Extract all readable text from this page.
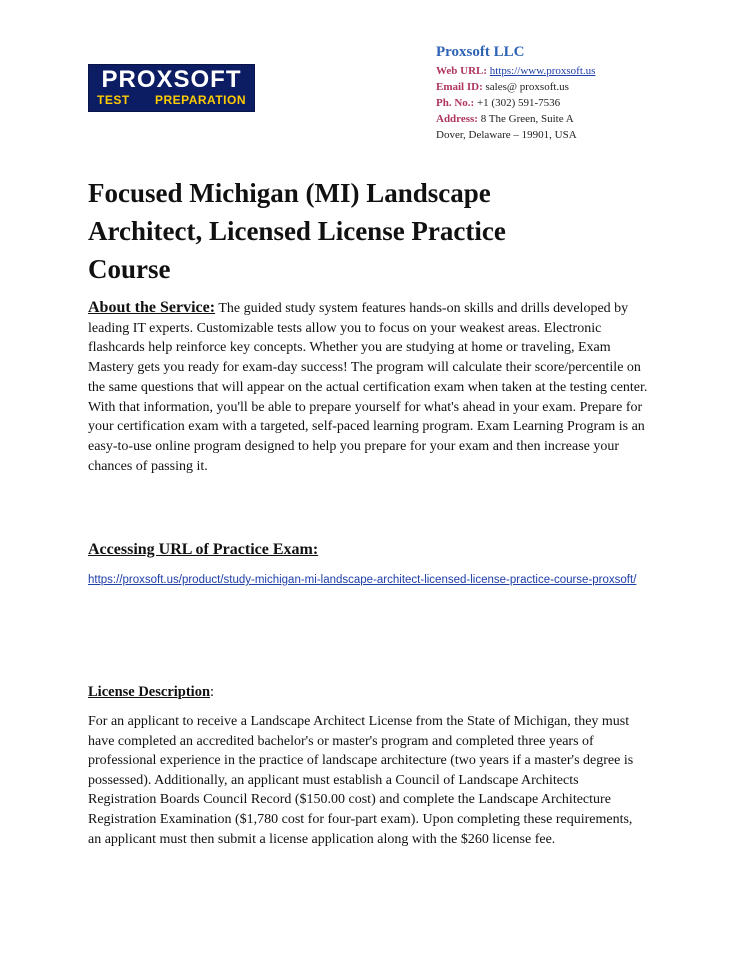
PROXSOFT
TEST PREPARATION
Proxsoft LLC
Web URL: https://www.proxsoft.us
Email ID: sales@ proxsoft.us
Ph. No.: +1 (302) 591-7536
Address: 8 The Green, Suite A
Dover, Delaware – 19901, USA
Focused Michigan (MI) Landscape Architect, Licensed License Practice Course
About the Service: The guided study system features hands-on skills and drills developed by leading IT experts. Customizable tests allow you to focus on your weakest areas. Electronic flashcards help reinforce key concepts. Whether you are studying at home or traveling, Exam Mastery gets you ready for exam-day success! The program will calculate their score/percentile on the same questions that will appear on the actual certification exam when taken at the testing center. With that information, you'll be able to prepare yourself for what's ahead in your exam. Prepare for your certification exam with a targeted, self-paced learning program. Exam Learning Program is an easy-to-use online program designed to help you prepare for your exam and then increase your chances of passing it.
Accessing URL of Practice Exam:
https://proxsoft.us/product/study-michigan-mi-landscape-architect-licensed-license-practice-course-proxsoft/
License Description:
For an applicant to receive a Landscape Architect License from the State of Michigan, they must have completed an accredited bachelor's or master's program and completed three years of professional experience in the practice of landscape architecture (two years if a master's degree is possessed). Additionally, an applicant must establish a Council of Landscape Architects Registration Boards Council Record ($150.00 cost) and complete the Landscape Architecture Registration Examination ($1,780 cost for four-part exam). Upon completing these requirements, an applicant must then submit a license application along with the $260 license fee.
